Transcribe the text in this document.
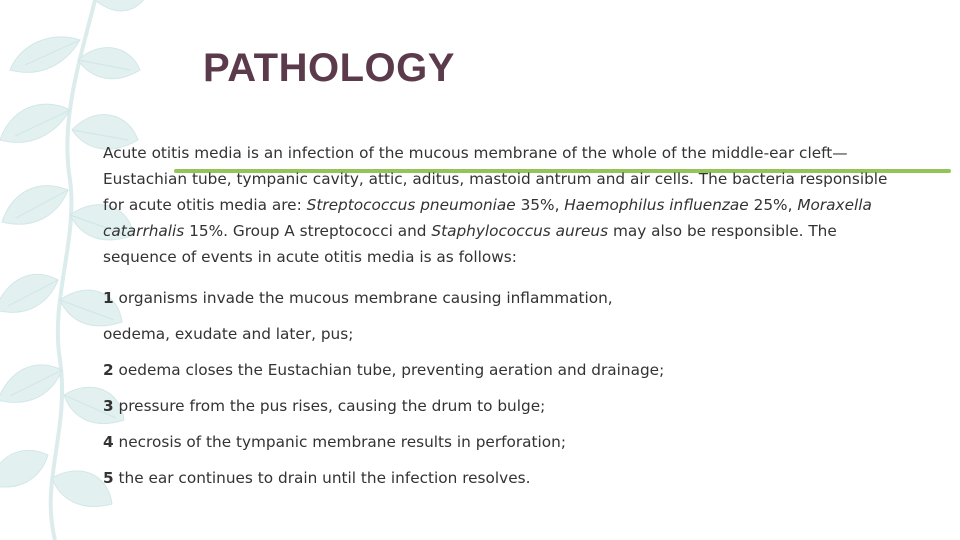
PATHOLOGY

Acute otitis media is an infection of the mucous membrane of the whole of the middle-ear cleft— Eustachian tube, tympanic cavity, attic, aditus, mastoid antrum and air cells. The bacteria responsible for acute otitis media are: Streptococcus pneumoniae 35%, Haemophilus influenzae 25%, Moraxella catarrhalis 15%. Group A streptococci and Staphylococcus aureus may also be responsible. The sequence of events in acute otitis media is as follows:

1 organisms invade the mucous membrane causing inflammation,

oedema, exudate and later, pus;

2 oedema closes the Eustachian tube, preventing aeration and drainage;

3 pressure from the pus rises, causing the drum to bulge;

4 necrosis of the tympanic membrane results in perforation;

5 the ear continues to drain until the infection resolves.
